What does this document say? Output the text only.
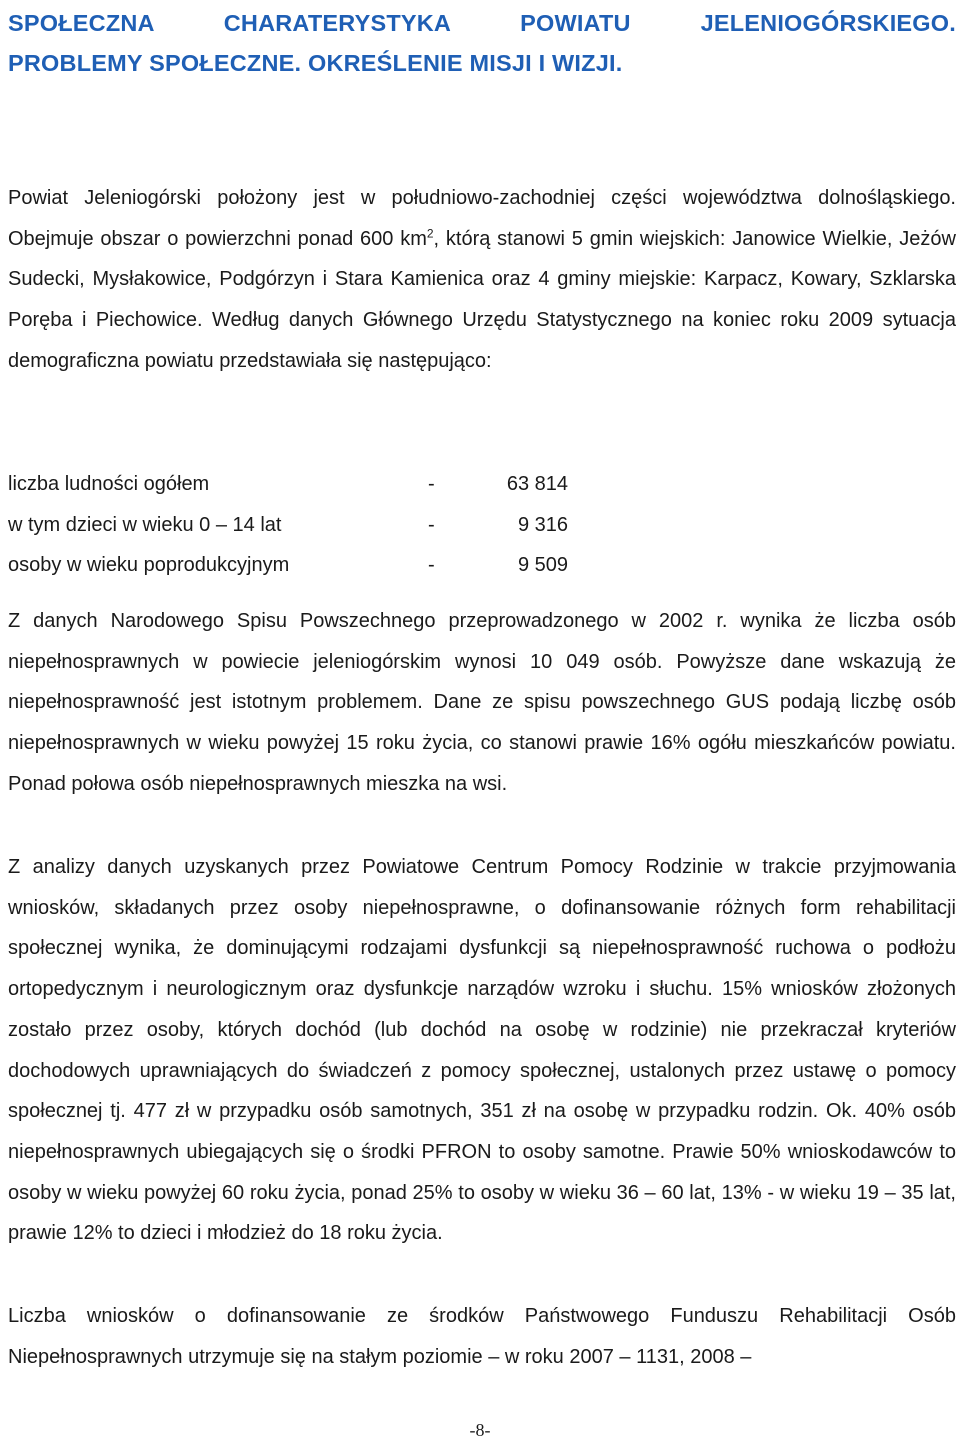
SPOŁECZNA CHARATERYSTYKA POWIATU JELENIOGÓRSKIEGO.
PROBLEMY SPOŁECZNE. OKREŚLENIE MISJI I WIZJI.

Powiat Jeleniogórski położony jest w południowo-zachodniej części województwa dolnośląskiego. Obejmuje obszar o powierzchni ponad 600 $km^2$, którą stanowi 5 gmin wiejskich: Janowice Wielkie, Jeżów Sudecki, Mysłakowice, Podgórzyn i Stara Kamienica oraz 4 gminy miejskie: Karpacz, Kowary, Szklarska Poręba i Piechowice. Według danych Głównego Urzędu Statystycznego na koniec roku 2009 sytuacja demograficzna powiatu przedstawiała się następująco:

liczba ludności ogółem	-	63 814
w tym dzieci w wieku 0 – 14 lat	-	9 316
osoby w wieku poprodukcyjnym	-	9 509

Z danych Narodowego Spisu Powszechnego przeprowadzonego w 2002 r. wynika że liczba osób niepełnosprawnych w powiecie jeleniogórskim wynosi 10 049 osób. Powyższe dane wskazują że niepełnosprawność jest istotnym problemem. Dane ze spisu powszechnego GUS podają liczbę osób niepełnosprawnych w wieku powyżej 15 roku życia, co stanowi prawie 16% ogółu mieszkańców powiatu. Ponad połowa osób niepełnosprawnych mieszka na wsi.

Z analizy danych uzyskanych przez Powiatowe Centrum Pomocy Rodzinie w trakcie przyjmowania wniosków, składanych przez osoby niepełnosprawne, o dofinansowanie różnych form rehabilitacji społecznej wynika, że dominującymi rodzajami dysfunkcji są niepełnosprawność ruchowa o podłożu ortopedycznym i neurologicznym oraz dysfunkcje narządów wzroku i słuchu. 15% wniosków złożonych zostało przez osoby, których dochód (lub dochód na osobę w rodzinie) nie przekraczał kryteriów dochodowych uprawniających do świadczeń z pomocy społecznej, ustalonych przez ustawę o pomocy społecznej tj. 477 zł w przypadku osób samotnych, 351 zł na osobę w przypadku rodzin. Ok. 40% osób niepełnosprawnych ubiegających się o środki PFRON to osoby samotne. Prawie 50% wnioskodawców to osoby w wieku powyżej 60 roku życia, ponad 25% to osoby w wieku 36 – 60 lat, 13% - w wieku 19 – 35 lat, prawie 12% to dzieci i młodzież do 18 roku życia.

Liczba wniosków o dofinansowanie ze środków Państwowego Funduszu Rehabilitacji Osób Niepełnosprawnych utrzymuje się na stałym poziomie – w roku 2007 – 1131, 2008 –

-8-
